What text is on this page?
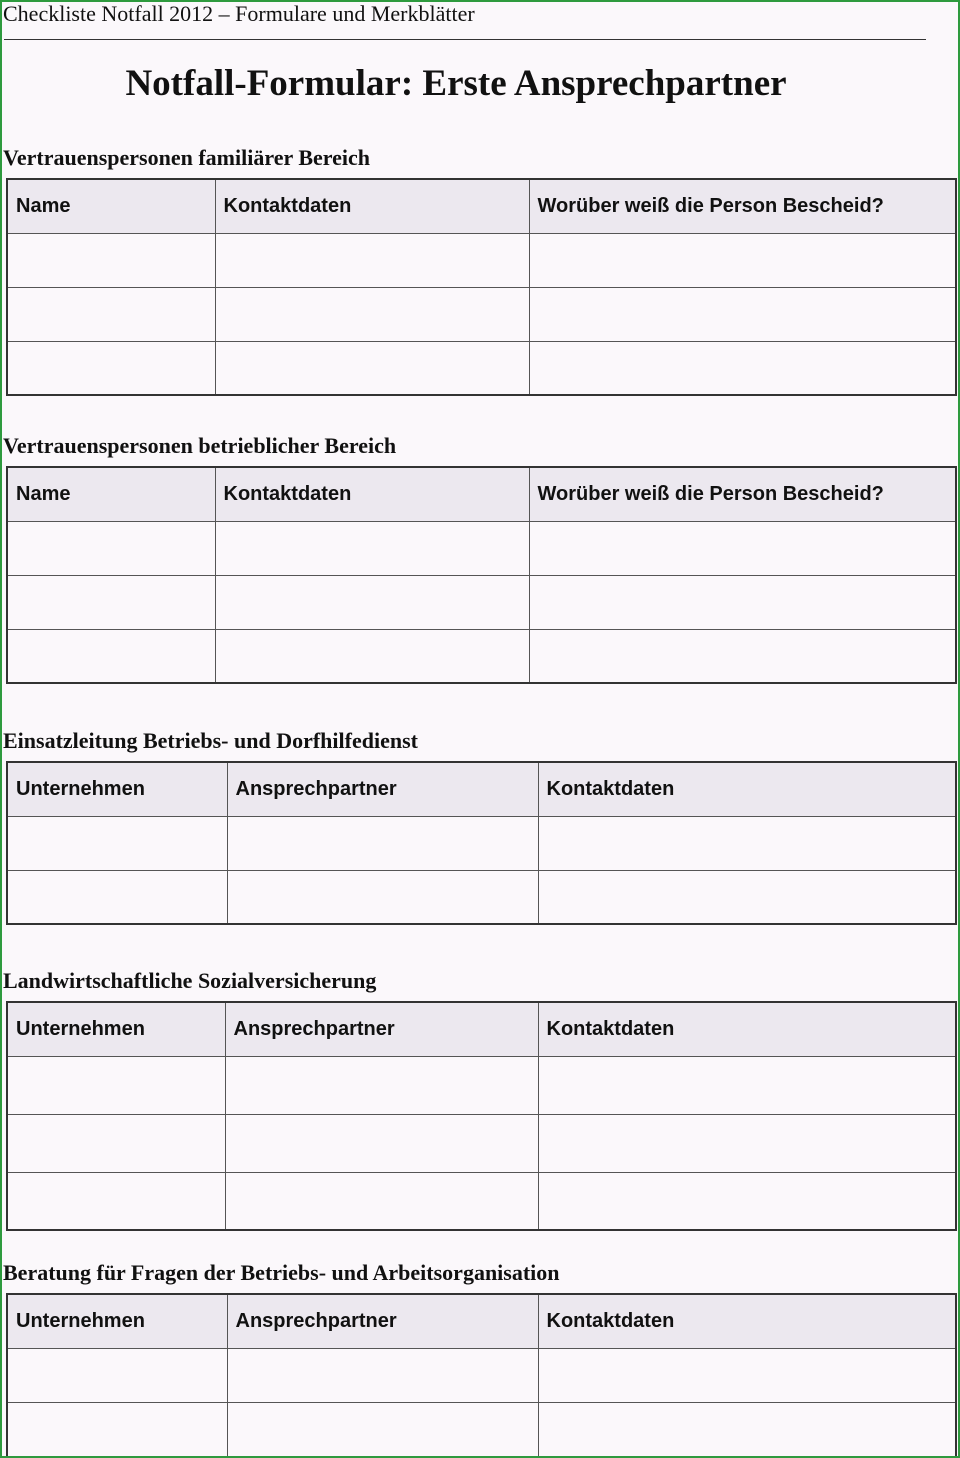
Checkliste Notfall 2012 – Formulare und Merkblätter
Notfall-Formular: Erste Ansprechpartner
Vertrauenspersonen familiärer Bereich
Name	Kontaktdaten	Worüber weiß die Person Bescheid?

Vertrauenspersonen betrieblicher Bereich
Name	Kontaktdaten	Worüber weiß die Person Bescheid?

Einsatzleitung Betriebs- und Dorfhilfedienst
Unternehmen	Ansprechpartner	Kontaktdaten

Landwirtschaftliche Sozialversicherung
Unternehmen	Ansprechpartner	Kontaktdaten

Beratung für Fragen der Betriebs- und Arbeitsorganisation
Unternehmen	Ansprechpartner	Kontaktdaten
